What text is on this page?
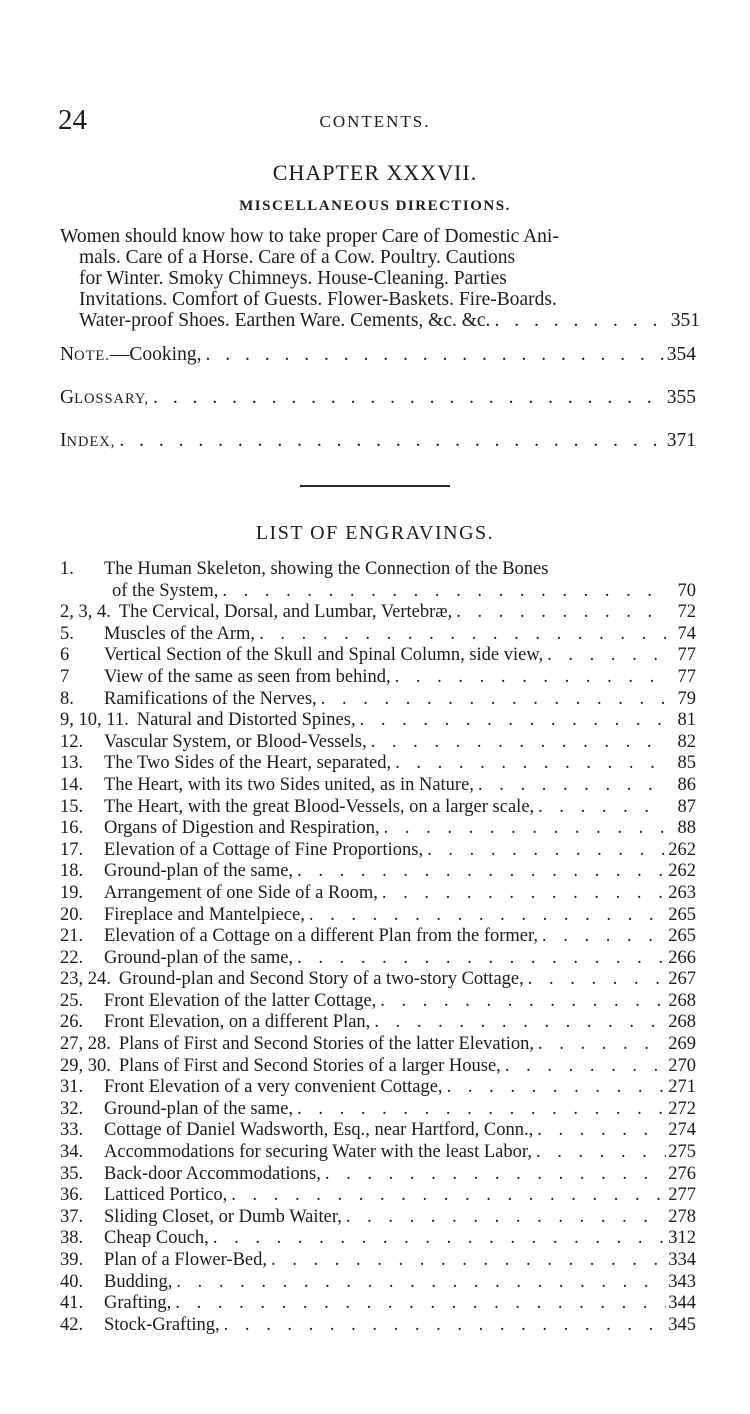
24	CONTENTS.
CHAPTER XXXVII.
MISCELLANEOUS DIRECTIONS.
Women should know how to take proper Care of Domestic Ani-
mals. Care of a Horse. Care of a Cow. Poultry. Cautions
for Winter. Smoky Chimneys. House-Cleaning. Parties
Invitations. Comfort of Guests. Flower-Baskets. Fire-Boards.
Water-proof Shoes. Earthen Ware. Cements, &c. &c. . . .	351
NOTE.—Cooking, . . .	354
GLOSSARY, . . .	355
INDEX, . . .	371
LIST OF ENGRAVINGS.
1.	The Human Skeleton, showing the Connection of the Bones
of the System, . . .	70
2, 3, 4. The Cervical, Dorsal, and Lumbar, Vertebræ, . . .	72
5.	Muscles of the Arm, . . .	74
6	Vertical Section of the Skull and Spinal Column, side view, . . .	77
7	View of the same as seen from behind, . . .	77
8.	Ramifications of the Nerves, . . .	79
9, 10, 11. Natural and Distorted Spines, . . .	81
12.	Vascular System, or Blood-Vessels, . . .	82
13.	The Two Sides of the Heart, separated, . . .	85
14.	The Heart, with its two Sides united, as in Nature, . . .	86
15.	The Heart, with the great Blood-Vessels, on a larger scale, . . .	87
16.	Organs of Digestion and Respiration, . . .	88
17.	Elevation of a Cottage of Fine Proportions, . . .	262
18.	Ground-plan of the same, . . .	262
19.	Arrangement of one Side of a Room, . . .	263
20.	Fireplace and Mantelpiece, . . .	265
21.	Elevation of a Cottage on a different Plan from the former, . . .	265
22.	Ground-plan of the same, . . .	266
23, 24. Ground-plan and Second Story of a two-story Cottage, . . .	267
25.	Front Elevation of the latter Cottage, . . .	268
26.	Front Elevation, on a different Plan, . . .	268
27, 28. Plans of First and Second Stories of the latter Elevation, . . .	269
29, 30. Plans of First and Second Stories of a larger House, . . .	270
31.	Front Elevation of a very convenient Cottage, . . .	271
32.	Ground-plan of the same, . . .	272
33.	Cottage of Daniel Wadsworth, Esq., near Hartford, Conn., . . .	274
34.	Accommodations for securing Water with the least Labor, . . .	275
35.	Back-door Accommodations, . . .	276
36.	Latticed Portico, . . .	277
37.	Sliding Closet, or Dumb Waiter, . . .	278
38.	Cheap Couch, . . .	312
39.	Plan of a Flower-Bed, . . .	334
40.	Budding, . . .	343
41.	Grafting, . . .	344
42.	Stock-Grafting, . . .	345
